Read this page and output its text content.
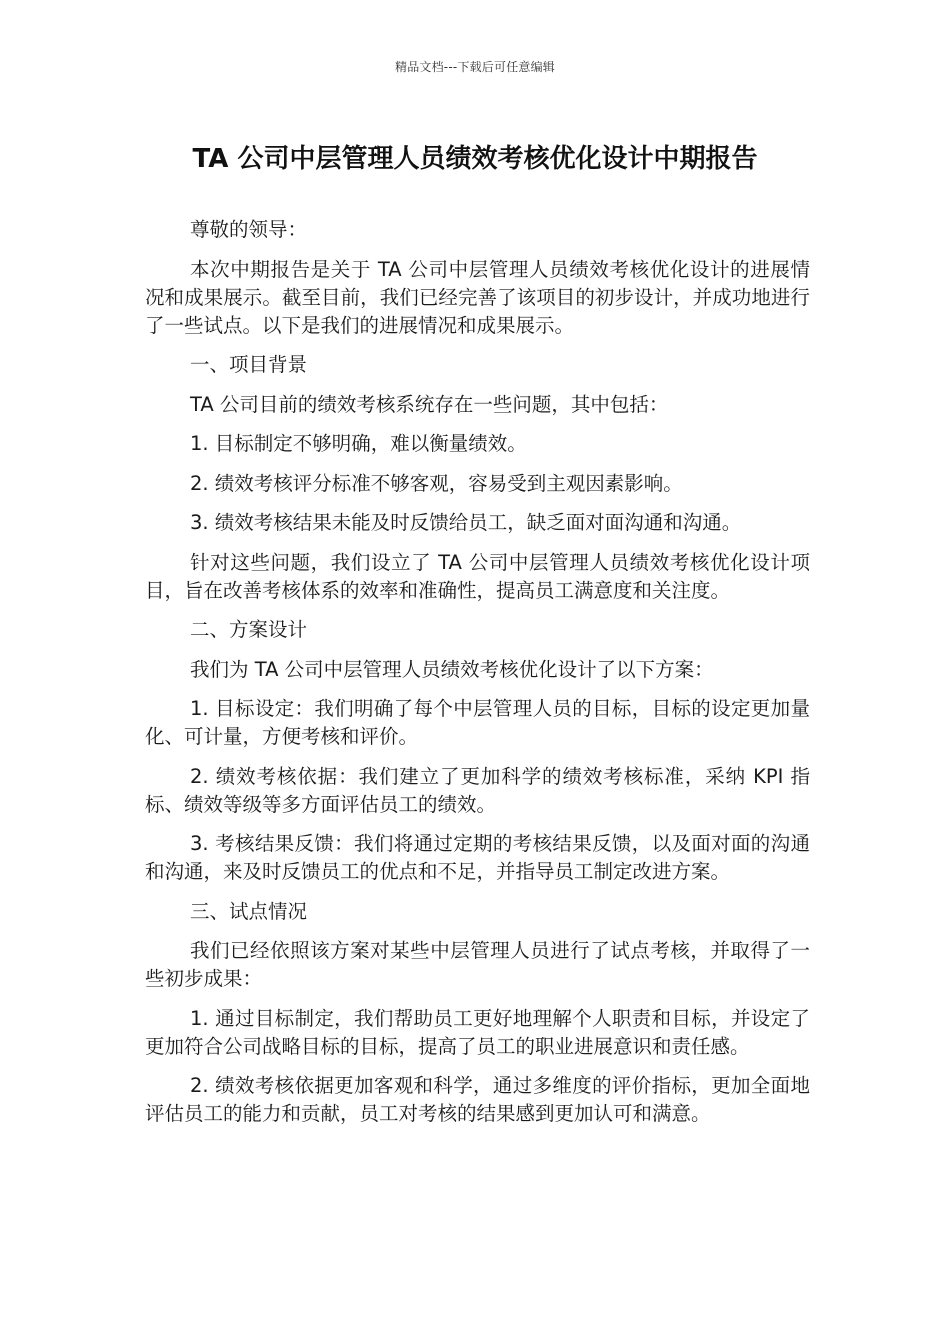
精品文档---下载后可任意编辑
TA 公司中层管理人员绩效考核优化设计中期报告

尊敬的领导：

本次中期报告是关于 TA 公司中层管理人员绩效考核优化设计的进展情况和成果展示。截至目前，我们已经完善了该项目的初步设计，并成功地进行了一些试点。以下是我们的进展情况和成果展示。

一、项目背景

TA 公司目前的绩效考核系统存在一些问题，其中包括：

1. 目标制定不够明确，难以衡量绩效。

2. 绩效考核评分标准不够客观，容易受到主观因素影响。

3. 绩效考核结果未能及时反馈给员工，缺乏面对面沟通和沟通。

针对这些问题，我们设立了 TA 公司中层管理人员绩效考核优化设计项目，旨在改善考核体系的效率和准确性，提高员工满意度和关注度。

二、方案设计

我们为 TA 公司中层管理人员绩效考核优化设计了以下方案：

1. 目标设定：我们明确了每个中层管理人员的目标，目标的设定更加量化、可计量，方便考核和评价。

2. 绩效考核依据：我们建立了更加科学的绩效考核标准，采纳 KPI 指标、绩效等级等多方面评估员工的绩效。

3. 考核结果反馈：我们将通过定期的考核结果反馈，以及面对面的沟通和沟通，来及时反馈员工的优点和不足，并指导员工制定改进方案。

三、试点情况

我们已经依照该方案对某些中层管理人员进行了试点考核，并取得了一些初步成果：

1. 通过目标制定，我们帮助员工更好地理解个人职责和目标，并设定了更加符合公司战略目标的目标，提高了员工的职业进展意识和责任感。

2. 绩效考核依据更加客观和科学，通过多维度的评价指标，更加全面地评估员工的能力和贡献，员工对考核的结果感到更加认可和满意。
